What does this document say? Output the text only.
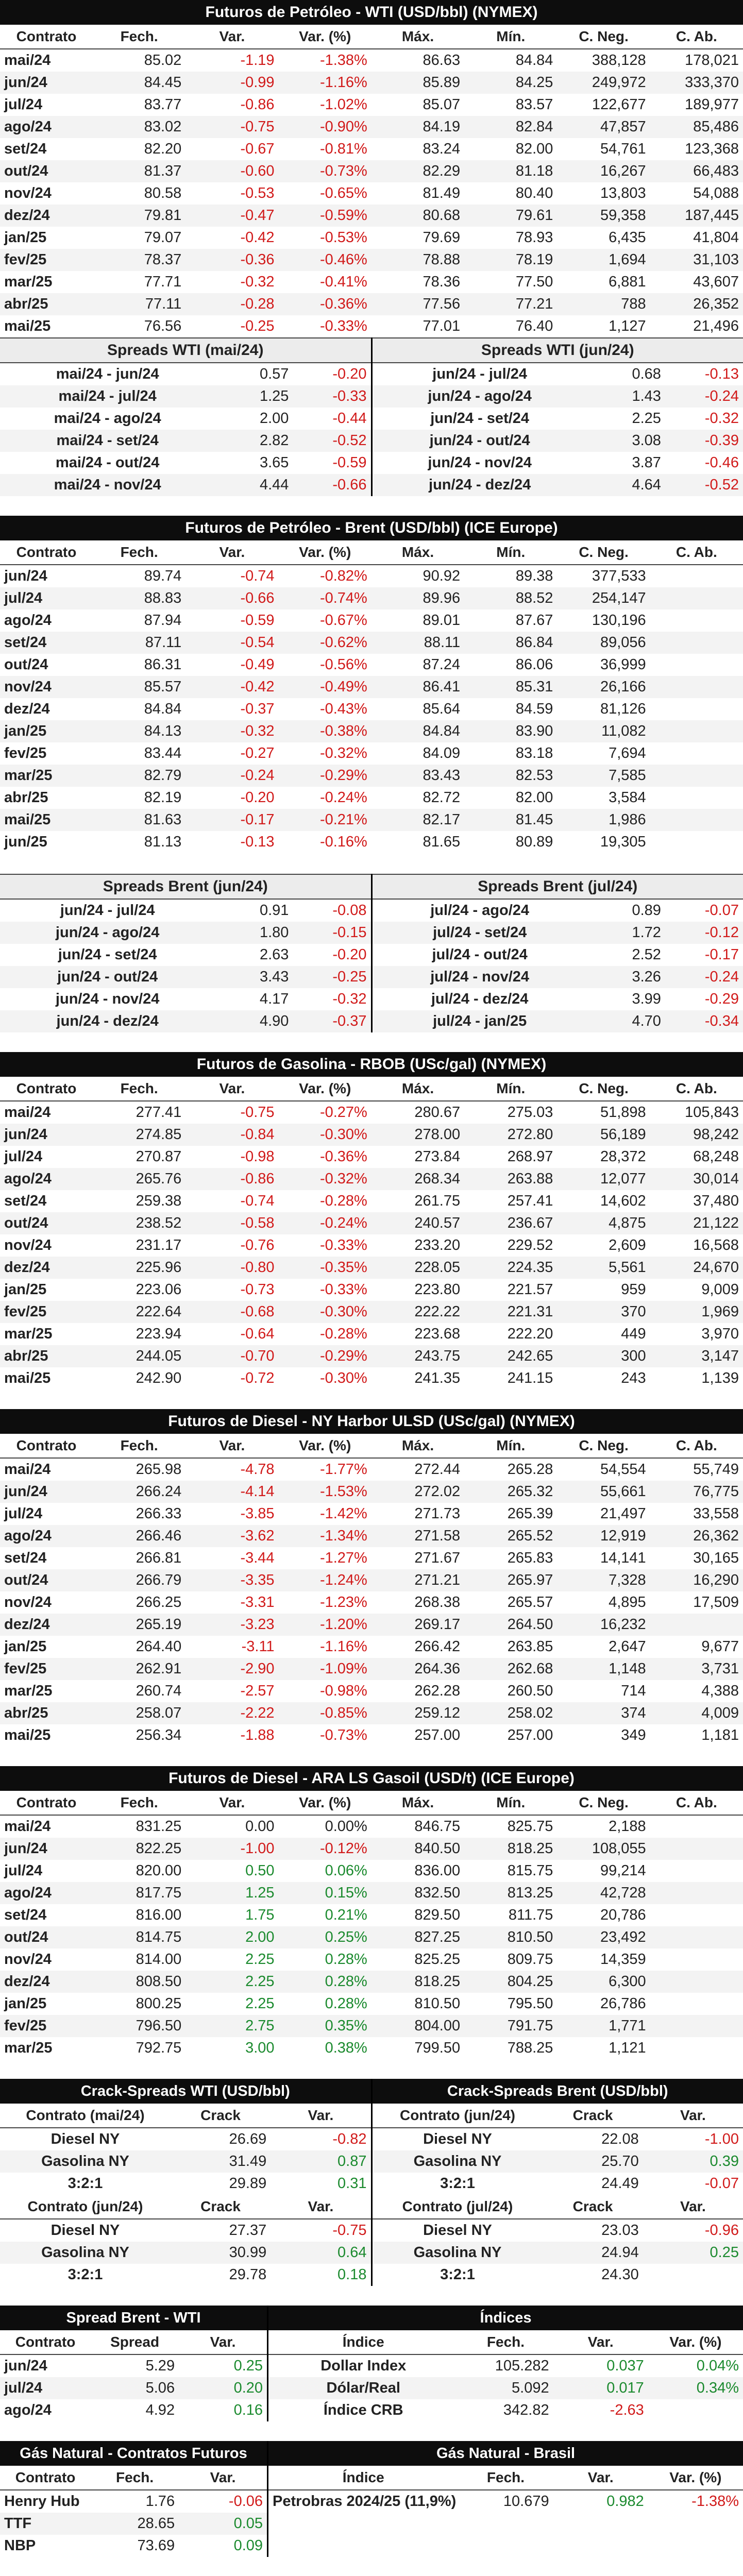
Futuros de Petróleo - WTI (USD/bbl) (NYMEX)
Contrato	Fech.	Var.	Var. (%)	Máx.	Mín.	C. Neg.	C. Ab.
mai/24	85.02	-1.19	-1.38%	86.63	84.84	388,128	178,021
jun/24	84.45	-0.99	-1.16%	85.89	84.25	249,972	333,370
jul/24	83.77	-0.86	-1.02%	85.07	83.57	122,677	189,977
ago/24	83.02	-0.75	-0.90%	84.19	82.84	47,857	85,486
set/24	82.20	-0.67	-0.81%	83.24	82.00	54,761	123,368
out/24	81.37	-0.60	-0.73%	82.29	81.18	16,267	66,483
nov/24	80.58	-0.53	-0.65%	81.49	80.40	13,803	54,088
dez/24	79.81	-0.47	-0.59%	80.68	79.61	59,358	187,445
jan/25	79.07	-0.42	-0.53%	79.69	78.93	6,435	41,804
fev/25	78.37	-0.36	-0.46%	78.88	78.19	1,694	31,103
mar/25	77.71	-0.32	-0.41%	78.36	77.50	6,881	43,607
abr/25	77.11	-0.28	-0.36%	77.56	77.21	788	26,352
mai/25	76.56	-0.25	-0.33%	77.01	76.40	1,127	21,496
Spreads WTI (mai/24)
mai/24 - jun/24	0.57	-0.20
mai/24 - jul/24	1.25	-0.33
mai/24 - ago/24	2.00	-0.44
mai/24 - set/24	2.82	-0.52
mai/24 - out/24	3.65	-0.59
mai/24 - nov/24	4.44	-0.66
Spreads WTI (jun/24)
jun/24 - jul/24	0.68	-0.13
jun/24 - ago/24	1.43	-0.24
jun/24 - set/24	2.25	-0.32
jun/24 - out/24	3.08	-0.39
jun/24 - nov/24	3.87	-0.46
jun/24 - dez/24	4.64	-0.52
Futuros de Petróleo - Brent (USD/bbl) (ICE Europe)
Contrato	Fech.	Var.	Var. (%)	Máx.	Mín.	C. Neg.	C. Ab.
jun/24	89.74	-0.74	-0.82%	90.92	89.38	377,533	
jul/24	88.83	-0.66	-0.74%	89.96	88.52	254,147	
ago/24	87.94	-0.59	-0.67%	89.01	87.67	130,196	
set/24	87.11	-0.54	-0.62%	88.11	86.84	89,056	
out/24	86.31	-0.49	-0.56%	87.24	86.06	36,999	
nov/24	85.57	-0.42	-0.49%	86.41	85.31	26,166	
dez/24	84.84	-0.37	-0.43%	85.64	84.59	81,126	
jan/25	84.13	-0.32	-0.38%	84.84	83.90	11,082	
fev/25	83.44	-0.27	-0.32%	84.09	83.18	7,694	
mar/25	82.79	-0.24	-0.29%	83.43	82.53	7,585	
abr/25	82.19	-0.20	-0.24%	82.72	82.00	3,584	
mai/25	81.63	-0.17	-0.21%	82.17	81.45	1,986	
jun/25	81.13	-0.13	-0.16%	81.65	80.89	19,305	
Spreads Brent (jun/24)
jun/24 - jul/24	0.91	-0.08
jun/24 - ago/24	1.80	-0.15
jun/24 - set/24	2.63	-0.20
jun/24 - out/24	3.43	-0.25
jun/24 - nov/24	4.17	-0.32
jun/24 - dez/24	4.90	-0.37
Spreads Brent (jul/24)
jul/24 - ago/24	0.89	-0.07
jul/24 - set/24	1.72	-0.12
jul/24 - out/24	2.52	-0.17
jul/24 - nov/24	3.26	-0.24
jul/24 - dez/24	3.99	-0.29
jul/24 - jan/25	4.70	-0.34
Futuros de Gasolina - RBOB (USc/gal) (NYMEX)
Contrato	Fech.	Var.	Var. (%)	Máx.	Mín.	C. Neg.	C. Ab.
mai/24	277.41	-0.75	-0.27%	280.67	275.03	51,898	105,843
jun/24	274.85	-0.84	-0.30%	278.00	272.80	56,189	98,242
jul/24	270.87	-0.98	-0.36%	273.84	268.97	28,372	68,248
ago/24	265.76	-0.86	-0.32%	268.34	263.88	12,077	30,014
set/24	259.38	-0.74	-0.28%	261.75	257.41	14,602	37,480
out/24	238.52	-0.58	-0.24%	240.57	236.67	4,875	21,122
nov/24	231.17	-0.76	-0.33%	233.20	229.52	2,609	16,568
dez/24	225.96	-0.80	-0.35%	228.05	224.35	5,561	24,670
jan/25	223.06	-0.73	-0.33%	223.80	221.57	959	9,009
fev/25	222.64	-0.68	-0.30%	222.22	221.31	370	1,969
mar/25	223.94	-0.64	-0.28%	223.68	222.20	449	3,970
abr/25	244.05	-0.70	-0.29%	243.75	242.65	300	3,147
mai/25	242.90	-0.72	-0.30%	241.35	241.15	243	1,139
Futuros de Diesel - NY Harbor ULSD (USc/gal) (NYMEX)
Contrato	Fech.	Var.	Var. (%)	Máx.	Mín.	C. Neg.	C. Ab.
mai/24	265.98	-4.78	-1.77%	272.44	265.28	54,554	55,749
jun/24	266.24	-4.14	-1.53%	272.02	265.32	55,661	76,775
jul/24	266.33	-3.85	-1.42%	271.73	265.39	21,497	33,558
ago/24	266.46	-3.62	-1.34%	271.58	265.52	12,919	26,362
set/24	266.81	-3.44	-1.27%	271.67	265.83	14,141	30,165
out/24	266.79	-3.35	-1.24%	271.21	265.97	7,328	16,290
nov/24	266.25	-3.31	-1.23%	268.38	265.57	4,895	17,509
dez/24	265.19	-3.23	-1.20%	269.17	264.50	16,232	
jan/25	264.40	-3.11	-1.16%	266.42	263.85	2,647	9,677
fev/25	262.91	-2.90	-1.09%	264.36	262.68	1,148	3,731
mar/25	260.74	-2.57	-0.98%	262.28	260.50	714	4,388
abr/25	258.07	-2.22	-0.85%	259.12	258.02	374	4,009
mai/25	256.34	-1.88	-0.73%	257.00	257.00	349	1,181
Futuros de Diesel - ARA LS Gasoil (USD/t) (ICE Europe)
Contrato	Fech.	Var.	Var. (%)	Máx.	Mín.	C. Neg.	C. Ab.
mai/24	831.25	0.00	0.00%	846.75	825.75	2,188	
jun/24	822.25	-1.00	-0.12%	840.50	818.25	108,055	
jul/24	820.00	0.50	0.06%	836.00	815.75	99,214	
ago/24	817.75	1.25	0.15%	832.50	813.25	42,728	
set/24	816.00	1.75	0.21%	829.50	811.75	20,786	
out/24	814.75	2.00	0.25%	827.25	810.50	23,492	
nov/24	814.00	2.25	0.28%	825.25	809.75	14,359	
dez/24	808.50	2.25	0.28%	818.25	804.25	6,300	
jan/25	800.25	2.25	0.28%	810.50	795.50	26,786	
fev/25	796.50	2.75	0.35%	804.00	791.75	1,771	
mar/25	792.75	3.00	0.38%	799.50	788.25	1,121	
Crack-Spreads WTI (USD/bbl)
Contrato (mai/24)	Crack	Var.
Diesel NY	26.69	-0.82
Gasolina NY	31.49	0.87
3:2:1	29.89	0.31
Contrato (jun/24)	Crack	Var.
Diesel NY	27.37	-0.75
Gasolina NY	30.99	0.64
3:2:1	29.78	0.18
Crack-Spreads Brent (USD/bbl)
Contrato (jun/24)	Crack	Var.
Diesel NY	22.08	-1.00
Gasolina NY	25.70	0.39
3:2:1	24.49	-0.07
Contrato (jul/24)	Crack	Var.
Diesel NY	23.03	-0.96
Gasolina NY	24.94	0.25
3:2:1	24.30	
Spread Brent - WTI
Contrato	Spread	Var.
jun/24	5.29	0.25
jul/24	5.06	0.20
ago/24	4.92	0.16
Índices
Índice	Fech.	Var.	Var. (%)
Dollar Index	105.282	0.037	0.04%
Dólar/Real	5.092	0.017	0.34%
Índice CRB	342.82	-2.63	
Gás Natural - Contratos Futuros
Contrato	Fech.	Var.
Henry Hub	1.76	-0.06
TTF	28.65	0.05
NBP	73.69	0.09
Gás Natural - Brasil
Índice	Fech.	Var.	Var. (%)
Petrobras 2024/25 (11,9%)	10.679	0.982	-1.38%
